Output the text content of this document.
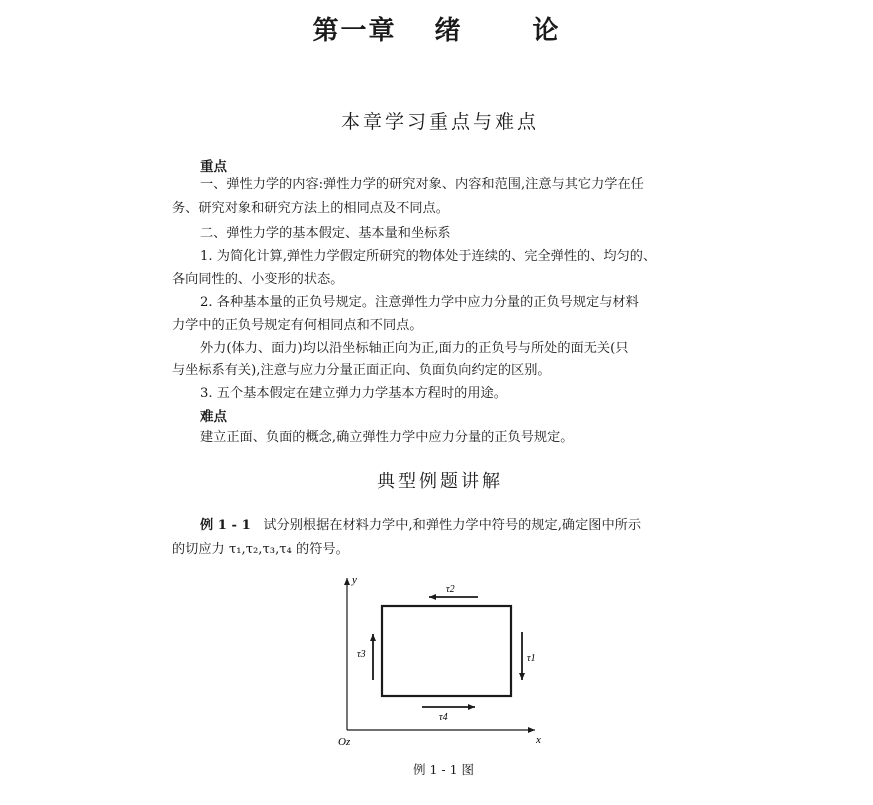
第一章 绪	论
本章学习重点与难点
重点
一、弹性力学的内容:弹性力学的研究对象、内容和范围,注意与其它力学在任
务、研究对象和研究方法上的相同点及不同点。
二、弹性力学的基本假定、基本量和坐标系
1. 为简化计算,弹性力学假定所研究的物体处于连续的、完全弹性的、均匀的、
各向同性的、小变形的状态。
2. 各种基本量的正负号规定。注意弹性力学中应力分量的正负号规定与材料
力学中的正负号规定有何相同点和不同点。
外力(体力、面力)均以沿坐标轴正向为正,面力的正负号与所处的面无关(只
与坐标系有关),注意与应力分量正面正向、负面负向约定的区别。
3. 五个基本假定在建立弹力力学基本方程时的用途。
难点
建立正面、负面的概念,确立弹性力学中应力分量的正负号规定。
典型例题讲解
例 1 - 1 试分别根据在材料力学中,和弹性力学中符号的规定,确定图中所示
的切应力 τ₁,τ₂,τ₃,τ₄ 的符号。
y
x
Oz
τ2
τ1
τ3
τ4
例 1 - 1 图
